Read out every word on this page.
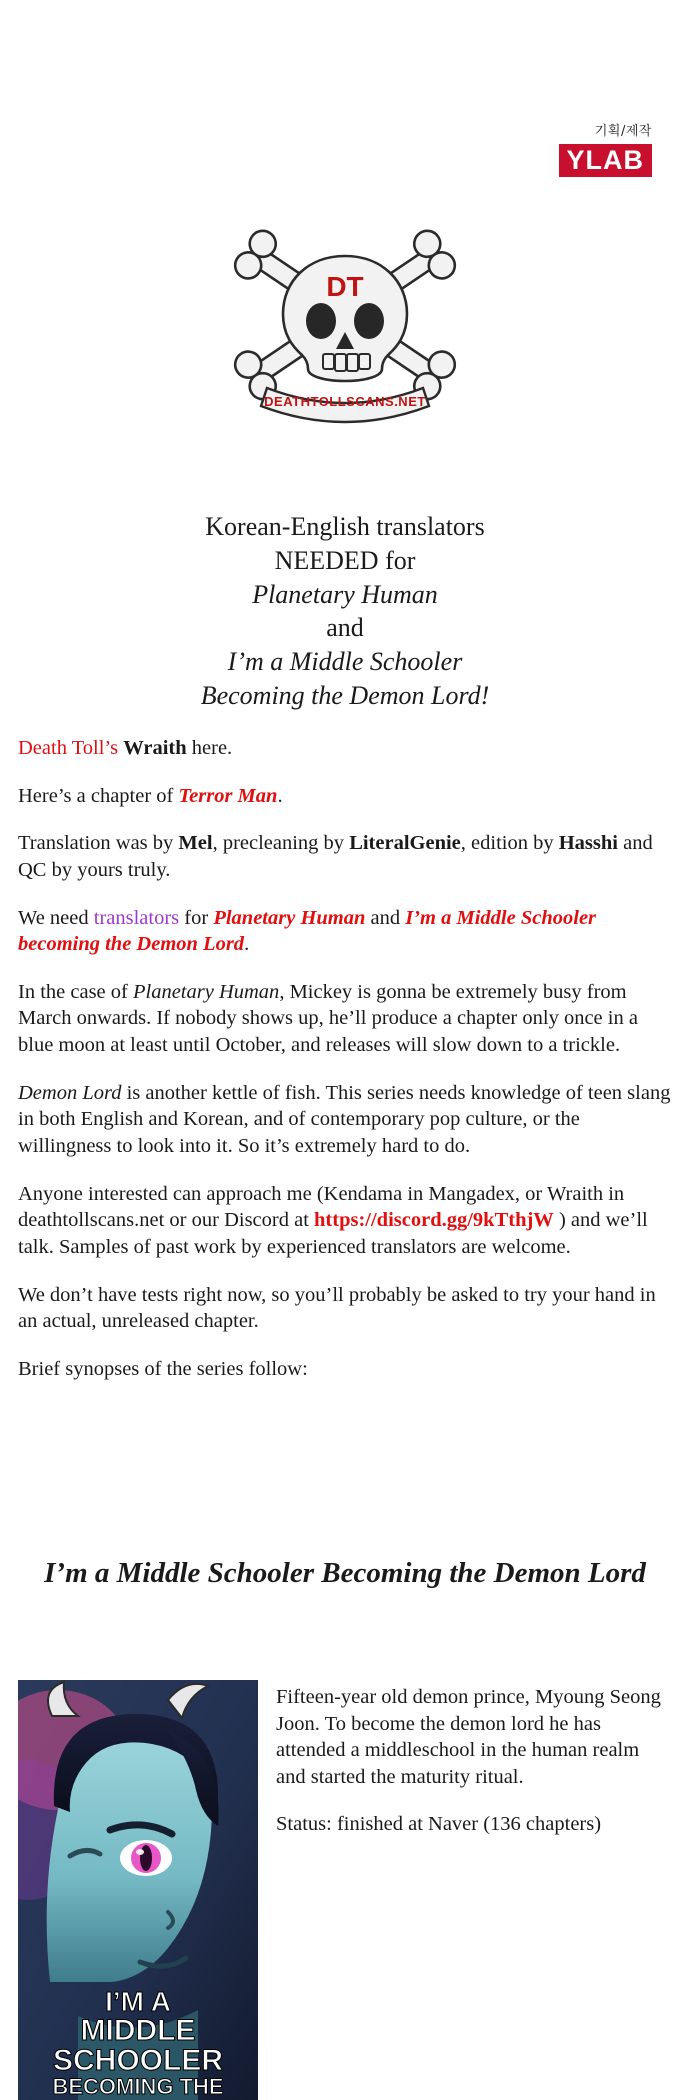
기획/제작
YLAB
DT
DEATHTOLLSCANS.NET
Korean-English translators
NEEDED for
Planetary Human
and
I’m a Middle Schooler
Becoming the Demon Lord!

Death Toll’s Wraith here.

Here’s a chapter of Terror Man.

Translation was by Mel, precleaning by LiteralGenie, edition by Hasshi and QC by yours truly.

We need translators for Planetary Human and I’m a Middle Schooler becoming the Demon Lord.

In the case of Planetary Human, Mickey is gonna be extremely busy from March onwards. If nobody shows up, he’ll produce a chapter only once in a blue moon at least until October, and releases will slow down to a trickle.

Demon Lord is another kettle of fish. This series needs knowledge of teen slang in both English and Korean, and of contemporary pop culture, or the willingness to look into it. So it’s extremely hard to do.

Anyone interested can approach me (Kendama in Mangadex, or Wraith in deathtollscans.net or our Discord at https://discord.gg/9kTthjW ) and we’ll talk. Samples of past work by experienced translators are welcome.

We don’t have tests right now, so you’ll probably be asked to try your hand in an actual, unreleased chapter.

Brief synopses of the series follow:

I’m a Middle Schooler Becoming the Demon Lord
I’M A
MIDDLE SCHOOLER
BECOMING THE

Fifteen-year old demon prince, Myoung Seong Joon. To become the demon lord he has attended a middleschool in the human realm and started the maturity ritual.

Status: finished at Naver (136 chapters)
